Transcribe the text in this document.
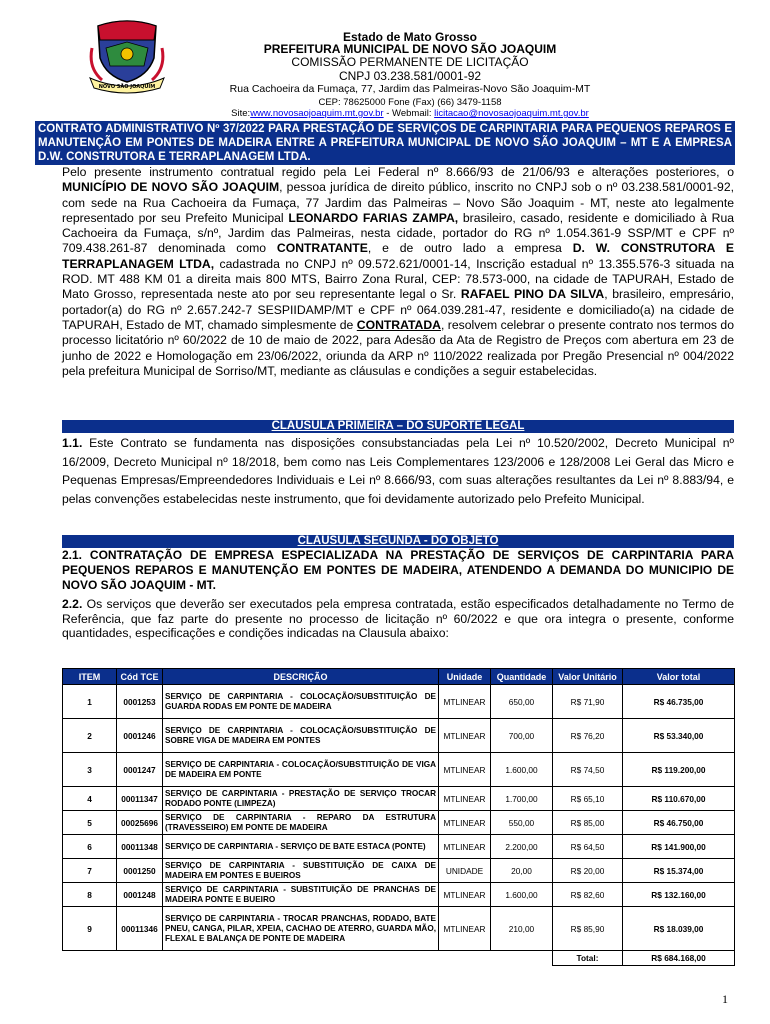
NOVO SÃO JOAQUIM
Estado de Mato Grosso
PREFEITURA MUNICIPAL DE NOVO SÃO JOAQUIM
COMISSÃO PERMANENTE DE LICITAÇÃO
CNPJ 03.238.581/0001-92
Rua Cachoeira da Fumaça, 77, Jardim das Palmeiras-Novo São Joaquim-MT
CEP: 78625000 Fone (Fax) (66) 3479-1158
Site:www.novosaojoaquim.mt.gov.br - Webmail: licitacao@novosaojoaquim.mt.gov.br
CONTRATO ADMINISTRATIVO Nº 37/2022 PARA PRESTAÇÃO DE SERVIÇOS DE CARPINTARIA PARA PEQUENOS REPAROS E MANUTENÇÃO EM PONTES DE MADEIRA ENTRE A PREFEITURA MUNICIPAL DE NOVO SÃO JOAQUIM – MT E A EMPRESA D.W. CONSTRUTORA E TERRAPLANAGEM LTDA.
Pelo presente instrumento contratual regido pela Lei Federal nº 8.666/93 de 21/06/93 e alterações posteriores, o MUNICÍPIO DE NOVO SÃO JOAQUIM, pessoa jurídica de direito público, inscrito no CNPJ sob o nº 03.238.581/0001-92, com sede na Rua Cachoeira da Fumaça, 77 Jardim das Palmeiras – Novo São Joaquim - MT, neste ato legalmente representado por seu Prefeito Municipal LEONARDO FARIAS ZAMPA, brasileiro, casado, residente e domiciliado à Rua Cachoeira da Fumaça, s/nº, Jardim das Palmeiras, nesta cidade, portador do RG nº 1.054.361-9 SSP/MT e CPF nº 709.438.261-87 denominada como CONTRATANTE, e de outro lado a empresa D. W. CONSTRUTORA E TERRAPLANAGEM LTDA, cadastrada no CNPJ nº 09.572.621/0001-14, Inscrição estadual nº 13.355.576-3 situada na ROD. MT 488 KM 01 a direita mais 800 MTS, Bairro Zona Rural, CEP: 78.573-000, na cidade de TAPURAH, Estado de Mato Grosso, representada neste ato por seu representante legal o Sr. RAFAEL PINO DA SILVA, brasileiro, empresário, portador(a) do RG nº 2.657.242-7 SESPIIDAMP/MT e CPF nº 064.039.281-47, residente e domiciliado(a) na cidade de TAPURAH, Estado de MT, chamado simplesmente de CONTRATADA, resolvem celebrar o presente contrato nos termos do processo licitatório nº 60/2022 de 10 de maio de 2022, para Adesão da Ata de Registro de Preços com abertura em 23 de junho de 2022 e Homologação em 23/06/2022, oriunda da ARP nº 110/2022 realizada por Pregão Presencial nº 004/2022 pela prefeitura Municipal de Sorriso/MT, mediante as cláusulas e condições a seguir estabelecidas.
CLÁUSULA PRIMEIRA – DO SUPORTE LEGAL
1.1. Este Contrato se fundamenta nas disposições consubstanciadas pela Lei nº 10.520/2002, Decreto Municipal nº 16/2009, Decreto Municipal nº 18/2018, bem como nas Leis Complementares 123/2006 e 128/2008 Lei Geral das Micro e Pequenas Empresas/Empreendedores Individuais e Lei nº 8.666/93, com suas alterações resultantes da Lei nº 8.883/94, e pelas convenções estabelecidas neste instrumento, que foi devidamente autorizado pelo Prefeito Municipal.
CLÁUSULA SEGUNDA - DO OBJETO
2.1. CONTRATAÇÃO DE EMPRESA ESPECIALIZADA NA PRESTAÇÃO DE SERVIÇOS DE CARPINTARIA PARA PEQUENOS REPAROS E MANUTENÇÃO EM PONTES DE MADEIRA, ATENDENDO A DEMANDA DO MUNICIPIO DE NOVO SÃO JOAQUIM - MT.
2.2. Os serviços que deverão ser executados pela empresa contratada, estão especificados detalhadamente no Termo de Referência, que faz parte do presente no processo de licitação nº 60/2022 e que ora integra o presente, conforme quantidades, especificações e condições indicadas na Clausula abaixo:
ITEM	Cód TCE	DESCRIÇÃO	Unidade	Quantidade	Valor Unitário	Valor total
1	0001253	SERVIÇO DE CARPINTARIA - COLOCAÇÃO/SUBSTITUIÇÃO DE GUARDA RODAS EM PONTE DE MADEIRA	MTLINEAR	650,00	R$ 71,90	R$ 46.735,00
2	0001246	SERVIÇO DE CARPINTARIA - COLOCAÇÃO/SUBSTITUIÇÃO DE SOBRE VIGA DE MADEIRA EM PONTES	MTLINEAR	700,00	R$ 76,20	R$ 53.340,00
3	0001247	SERVIÇO DE CARPINTARIA - COLOCAÇÃO/SUBSTITUIÇÃO DE VIGA DE MADEIRA EM PONTE	MTLINEAR	1.600,00	R$ 74,50	R$ 119.200,00
4	00011347	SERVIÇO DE CARPINTARIA - PRESTAÇÃO DE SERVIÇO TROCAR RODADO PONTE (LIMPEZA)	MTLINEAR	1.700,00	R$ 65,10	R$ 110.670,00
5	00025696	SERVIÇO DE CARPINTARIA - REPARO DA ESTRUTURA (TRAVESSEIRO) EM PONTE DE MADEIRA	MTLINEAR	550,00	R$ 85,00	R$ 46.750,00
6	00011348	SERVIÇO DE CARPINTARIA - SERVIÇO DE BATE ESTACA (PONTE)	MTLINEAR	2.200,00	R$ 64,50	R$ 141.900,00
7	0001250	SERVIÇO DE CARPINTARIA - SUBSTITUIÇÃO DE CAIXA DE MADEIRA EM PONTES E BUEIROS	UNIDADE	20,00	R$ 20,00	R$ 15.374,00
8	0001248	SERVIÇO DE CARPINTARIA - SUBSTITUIÇÃO DE PRANCHAS DE MADEIRA PONTE E BUEIRO	MTLINEAR	1.600,00	R$ 82,60	R$ 132.160,00
9	00011346	SERVIÇO DE CARPINTARIA - TROCAR PRANCHAS, RODADO, BATE PNEU, CANGA, PILAR, XPEIA, CACHAO DE ATERRO, GUARDA MÃO, FLEXAL E BALANÇA DE PONTE DE MADEIRA	MTLINEAR	210,00	R$ 85,90	R$ 18.039,00
					Total:	R$ 684.168,00
1
